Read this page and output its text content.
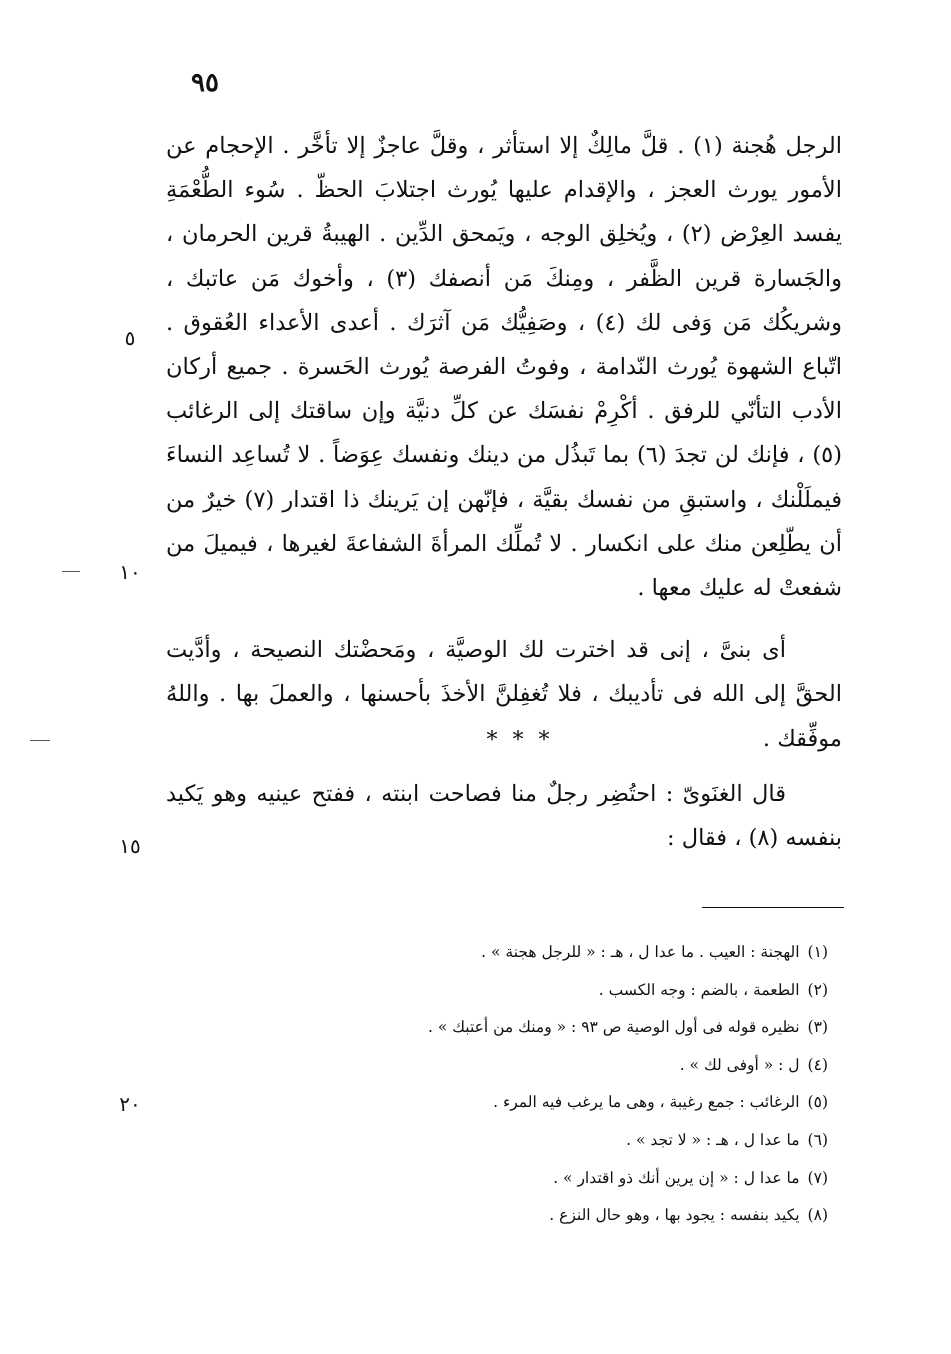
٩٥

الرجل هُجنة (١) . قلَّ مالِكٌ إلا استأثر ، وقلَّ عاجزٌ إلا تأخَّر . الإحجام عن الأمور يورث العجز ، والإقدام عليها يُورث اجتلابَ الحظّ . سُوء الطُّعْمَةِ يفسد العِرْض (٢) ، ويُخلِق الوجه ، ويَمحق الدِّين . الهيبةُ قرين الحرمان ، والجَسارة قرين الظَّفر ، ومِنكَ مَن أنصفك (٣) ، وأخوك مَن عاتبك ، وشريكُك مَن وَفى لك (٤) ، وصَفِيُّك مَن آثرَك . أعدى الأعداء العُقوق . اتّباع الشهوة يُورث النّدامة ، وفوتُ الفرصة يُورث الحَسرة . جميع أركان الأدب التأنّي للرفق . أكْرِمْ نفسَك عن كلِّ دنيَّة وإن ساقتك إلى الرغائب (٥) ، فإنك لن تجدَ (٦) بما تَبذُل من دينك ونفسك عِوَضاً . لا تُساعِد النساءَ فيملَلْنك ، واستبقِ من نفسك بقيَّة ، فإنّهن إن يَرينك ذا اقتدار (٧) خيرٌ من أن يطّلِعن منك على انكسار . لا تُملِّك المرأةَ الشفاعةَ لغيرها ، فيميلَ من شفعتْ له عليك معها .

أى بنىَّ ، إنى قد اخترت لك الوصيَّة ، ومَحضْتك النصيحة ، وأدَّيت الحقَّ إلى الله فى تأديبك ، فلا تُغفِلنَّ الأخذَ بأحسنها ، والعملَ بها . واللهُ موفِّقك .

* * *

قال الغنَوىّ : احتُضِر رجلٌ منا فصاحت ابنته ، ففتح عينيه وهو يَكيد بنفسه (٨) ، فقال :

٥
١٠
١٥
٢٠

(١)الهجنة : العيب . ما عدا ل ، هـ : « للرجل هجنة » .

(٢)الطعمة ، بالضم : وجه الكسب .

(٣)نظيره قوله فى أول الوصية ص ٩٣ : « ومنك من أعتبك » .

(٤)ل : « أوفى لك » .

(٥)الرغائب : جمع رغيبة ، وهى ما يرغب فيه المرء .

(٦)ما عدا ل ، هـ : « لا تجد » .

(٧)ما عدا ل : « إن يرين أنك ذو اقتدار » .

(٨)يكيد بنفسه : يجود بها ، وهو حال النزع .
